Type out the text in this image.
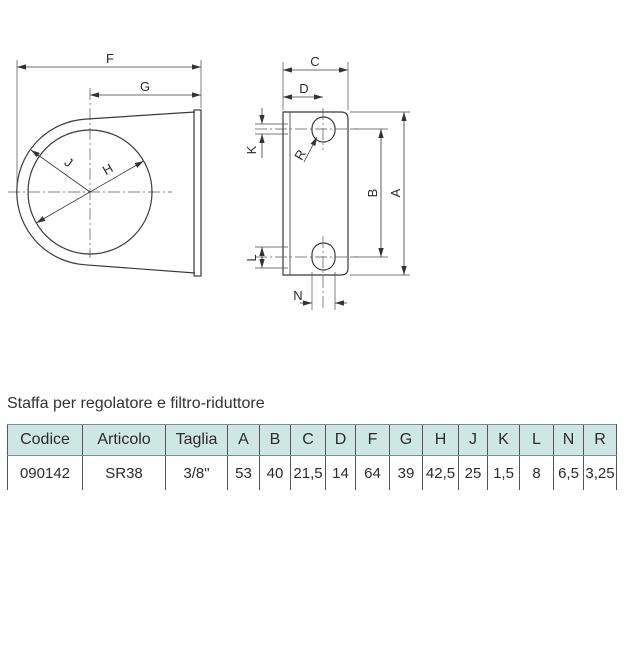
F
G
J H
C
D
K R
L
B A
N
Staffa per regolatore e filtro-riduttore
Codice	Articolo	Taglia	A	B	C	D	F	G	H	J	K	L	N	R
090142	SR38	3/8"	53	40	21,5	14	64	39	42,5	25	1,5	8	6,5	3,25
